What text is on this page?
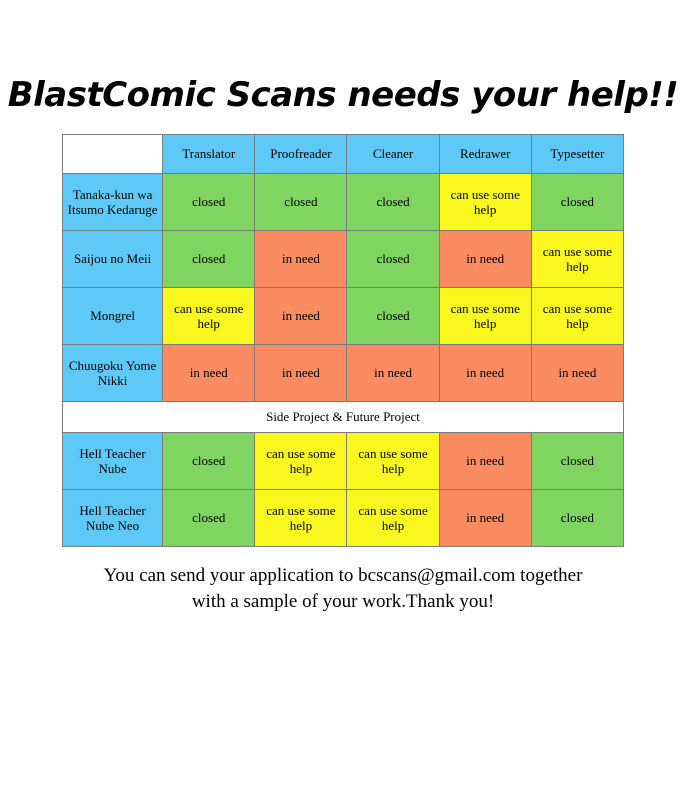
BlastComic Scans needs your help!!
	Translator	Proofreader	Cleaner	Redrawer	Typesetter
Tanaka-kun wa Itsumo Kedaruge	closed	closed	closed	can use some help	closed
Saijou no Meii	closed	in need	closed	in need	can use some help
Mongrel	can use some help	in need	closed	can use some help	can use some help
Chuugoku Yome Nikki	in need	in need	in need	in need	in need
Side Project & Future Project					
Hell Teacher Nube	closed	can use some help	can use some help	in need	closed
Hell Teacher Nube Neo	closed	can use some help	can use some help	in need	closed
You can send your application to bcscans@gmail.com together
with a sample of your work.Thank you!
